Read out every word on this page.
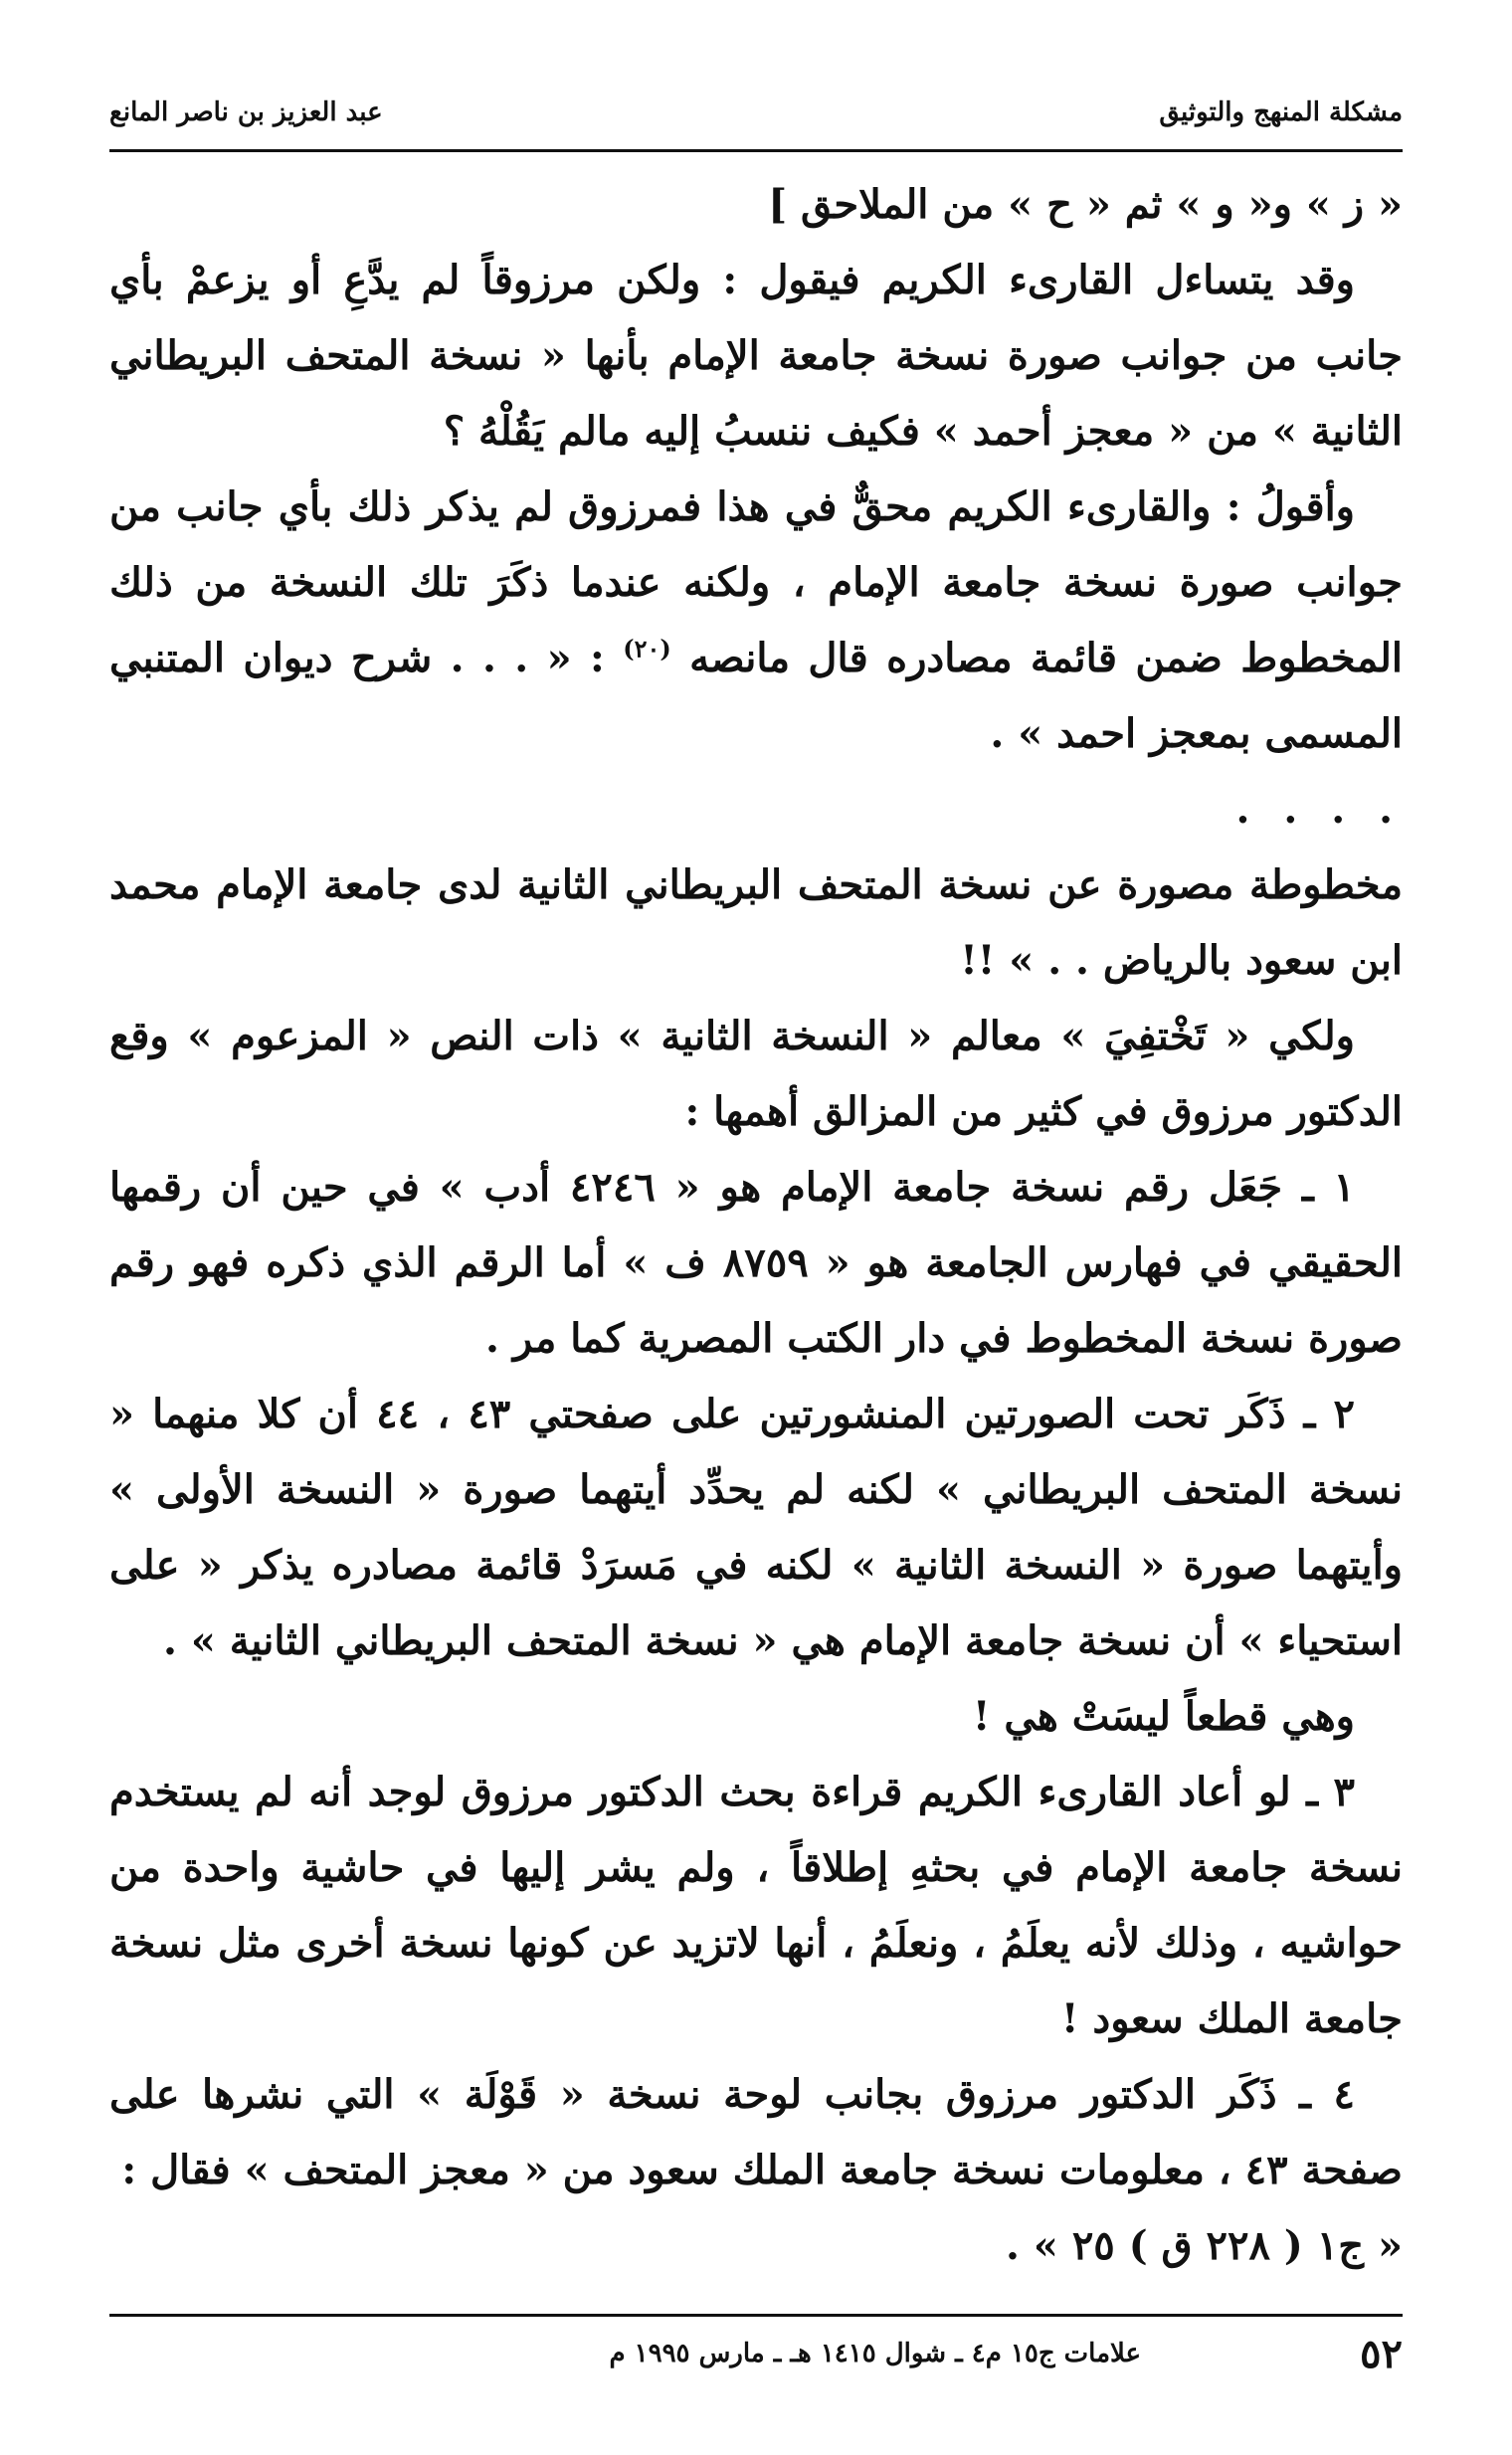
مشكلة المنهج والتوثيق
عبد العزيز بن ناصر المانع

« ز » و« و » ثم « ح » من الملاحق ]

وقد يتساءل القارىء الكريم فيقول : ولكن مرزوقاً لم يدَّعِ أو يزعمْ بأي جانب من جوانب صورة نسخة جامعة الإمام بأنها « نسخة المتحف البريطاني الثانية » من « معجز أحمد » فكيف ننسبُ إليه مالم يَقُلْهُ ؟

وأقولُ : والقارىء الكريم محقٌّ في هذا فمرزوق لم يذكر ذلك بأي جانب من جوانب صورة نسخة جامعة الإمام ، ولكنه عندما ذكَرَ تلك النسخة من ذلك المخطوط ضمن قائمة مصادره قال مانصه $^{(٢٠)}$ : « . . . شرح ديوان المتنبي المسمى بمعجز احمد » .

. . . .

مخطوطة مصورة عن نسخة المتحف البريطاني الثانية لدى جامعة الإمام محمد ابن سعود بالرياض . . » !!

ولكي « تَخْتفِيَ » معالم « النسخة الثانية » ذات النص « المزعوم » وقع الدكتور مرزوق في كثير من المزالق أهمها :

١ ـ جَعَل رقم نسخة جامعة الإمام هو « ٤٢٤٦ أدب » في حين أن رقمها الحقيقي في فهارس الجامعة هو « ٨٧٥٩ ف » أما الرقم الذي ذكره فهو رقم صورة نسخة المخطوط في دار الكتب المصرية كما مر .

٢ ـ ذَكَر تحت الصورتين المنشورتين على صفحتي ٤٣ ، ٤٤ أن كلا منهما « نسخة المتحف البريطاني » لكنه لم يحدِّد أيتهما صورة « النسخة الأولى » وأيتهما صورة « النسخة الثانية » لكنه في مَسرَدْ قائمة مصادره يذكر « على استحياء » أن نسخة جامعة الإمام هي « نسخة المتحف البريطاني الثانية » .

وهي قطعاً ليسَتْ هي !

٣ ـ لو أعاد القارىء الكريم قراءة بحث الدكتور مرزوق لوجد أنه لم يستخدم نسخة جامعة الإمام في بحثهِ إطلاقاً ، ولم يشر إليها في حاشية واحدة من حواشيه ، وذلك لأنه يعلَمُ ، ونعلَمُ ، أنها لاتزيد عن كونها نسخة أخرى مثل نسخة جامعة الملك سعود !

٤ ـ ذَكَر الدكتور مرزوق بجانب لوحة نسخة « قَوْلَة » التي نشرها على صفحة ٤٣ ، معلومات نسخة جامعة الملك سعود من « معجز المتحف » فقال :

« ج١ ( ٢٢٨ ق ) ٢٥ » .

٥٢
علامات ج١٥ م٤ ـ شوال ١٤١٥ هـ ـ مارس ١٩٩٥ م
